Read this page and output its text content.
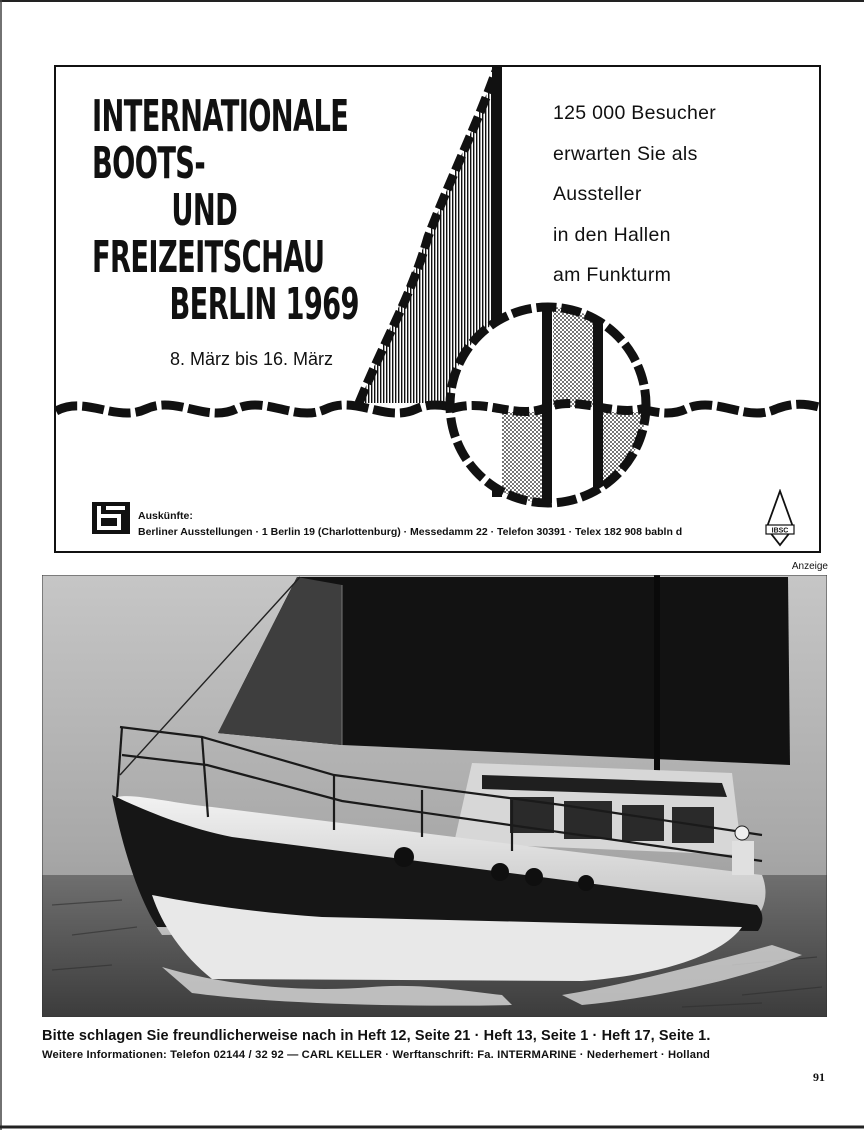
INTERNATIONALE
BOOTS-
UND
FREIZEITSCHAU
BERLIN 1969
8. März bis 16. März
125 000 Besucher
erwarten Sie als
Aussteller
in den Hallen
am Funkturm
Auskünfte:
Berliner Ausstellungen · 1 Berlin 19 (Charlottenburg) · Messedamm 22 · Telefon 30391 · Telex 182 908 babln d	IBSC
Anzeige
Bitte schlagen Sie freundlicherweise nach in Heft 12, Seite 21 · Heft 13, Seite 1 · Heft 17, Seite 1.
Weitere Informationen: Telefon 02144 / 32 92 — CARL KELLER · Werftanschrift: Fa. INTERMARINE · Nederhemert · Holland
91
